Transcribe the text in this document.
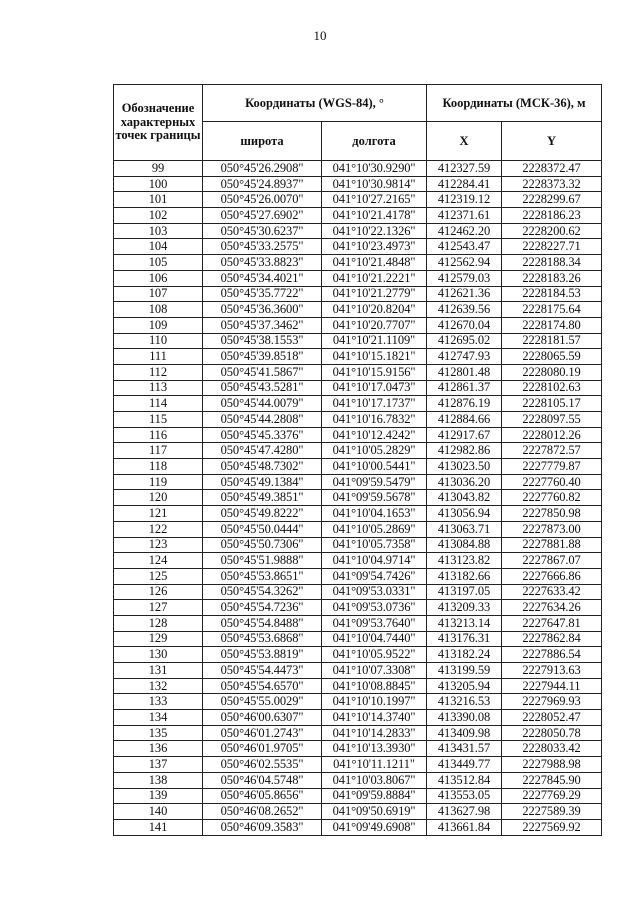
10
Обозначение характерных точек границы	Координаты (WGS-84), °		Координаты (МСК-36), м	
	широта	долгота	X	Y
99	050°45'26.2908"	041°10'30.9290"	412327.59	2228372.47
100	050°45'24.8937"	041°10'30.9814"	412284.41	2228373.32
101	050°45'26.0070"	041°10'27.2165"	412319.12	2228299.67
102	050°45'27.6902"	041°10'21.4178"	412371.61	2228186.23
103	050°45'30.6237"	041°10'22.1326"	412462.20	2228200.62
104	050°45'33.2575"	041°10'23.4973"	412543.47	2228227.71
105	050°45'33.8823"	041°10'21.4848"	412562.94	2228188.34
106	050°45'34.4021"	041°10'21.2221"	412579.03	2228183.26
107	050°45'35.7722"	041°10'21.2779"	412621.36	2228184.53
108	050°45'36.3600"	041°10'20.8204"	412639.56	2228175.64
109	050°45'37.3462"	041°10'20.7707"	412670.04	2228174.80
110	050°45'38.1553"	041°10'21.1109"	412695.02	2228181.57
111	050°45'39.8518"	041°10'15.1821"	412747.93	2228065.59
112	050°45'41.5867"	041°10'15.9156"	412801.48	2228080.19
113	050°45'43.5281"	041°10'17.0473"	412861.37	2228102.63
114	050°45'44.0079"	041°10'17.1737"	412876.19	2228105.17
115	050°45'44.2808"	041°10'16.7832"	412884.66	2228097.55
116	050°45'45.3376"	041°10'12.4242"	412917.67	2228012.26
117	050°45'47.4280"	041°10'05.2829"	412982.86	2227872.57
118	050°45'48.7302"	041°10'00.5441"	413023.50	2227779.87
119	050°45'49.1384"	041°09'59.5479"	413036.20	2227760.40
120	050°45'49.3851"	041°09'59.5678"	413043.82	2227760.82
121	050°45'49.8222"	041°10'04.1653"	413056.94	2227850.98
122	050°45'50.0444"	041°10'05.2869"	413063.71	2227873.00
123	050°45'50.7306"	041°10'05.7358"	413084.88	2227881.88
124	050°45'51.9888"	041°10'04.9714"	413123.82	2227867.07
125	050°45'53.8651"	041°09'54.7426"	413182.66	2227666.86
126	050°45'54.3262"	041°09'53.0331"	413197.05	2227633.42
127	050°45'54.7236"	041°09'53.0736"	413209.33	2227634.26
128	050°45'54.8488"	041°09'53.7640"	413213.14	2227647.81
129	050°45'53.6868"	041°10'04.7440"	413176.31	2227862.84
130	050°45'53.8819"	041°10'05.9522"	413182.24	2227886.54
131	050°45'54.4473"	041°10'07.3308"	413199.59	2227913.63
132	050°45'54.6570"	041°10'08.8845"	413205.94	2227944.11
133	050°45'55.0029"	041°10'10.1997"	413216.53	2227969.93
134	050°46'00.6307"	041°10'14.3740"	413390.08	2228052.47
135	050°46'01.2743"	041°10'14.2833"	413409.98	2228050.78
136	050°46'01.9705"	041°10'13.3930"	413431.57	2228033.42
137	050°46'02.5535"	041°10'11.1211"	413449.77	2227988.98
138	050°46'04.5748"	041°10'03.8067"	413512.84	2227845.90
139	050°46'05.8656"	041°09'59.8884"	413553.05	2227769.29
140	050°46'08.2652"	041°09'50.6919"	413627.98	2227589.39
141	050°46'09.3583"	041°09'49.6908"	413661.84	2227569.92
